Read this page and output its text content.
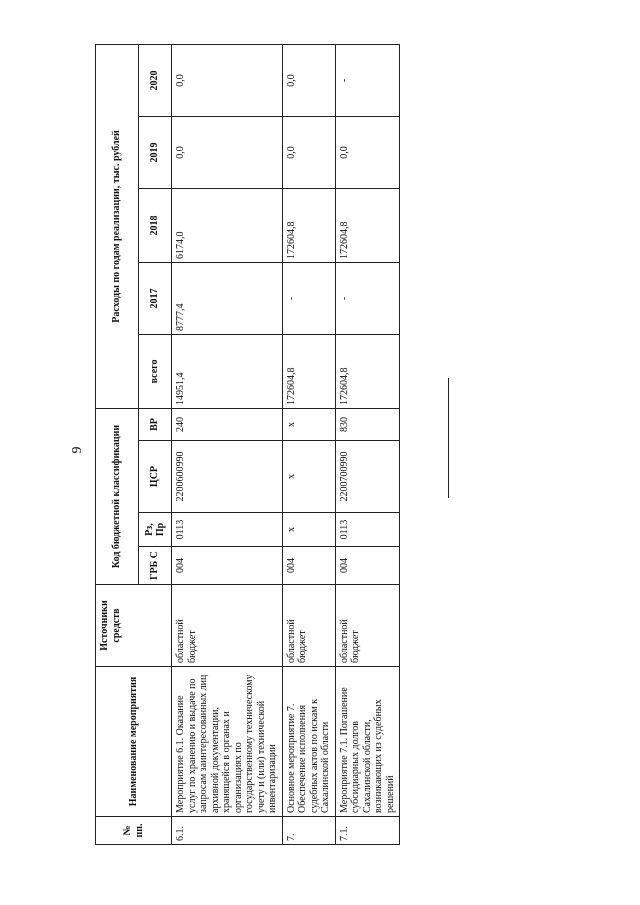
9
№ пп.	Наименование мероприятия	Источники средств	Код бюджетной классификации				Расходы по годам реализации, тыс. рублей				
			ГРБ С	Рз, Пр	ЦСР	ВР	всего	2017	2018	2019	2020
6.1.	Мероприятие 6.1. Оказание услуг по хранению и выдаче по запросам заинтересованных лиц архивной документации, хранящейся в органах и организациях по государственному техническому учету и (или) технической инвентаризации	областной бюджет	004	0113	2200600990	240	14951,4	8777,4	6174,0	0,0	0,0
7.	Основное мероприятие 7. Обеспечение исполнения судебных актов по искам к Сахалинской области	областной бюджет	004	х	х	х	172604,8	-	172604,8	0,0	0,0
7.1.	Мероприятие 7.1. Погашение субсидиарных долгов Сахалинской области, возникающих из судебных решений	областной бюджет	004	0113	2200700990	830	172604,8	-	172604,8	0,0	-
